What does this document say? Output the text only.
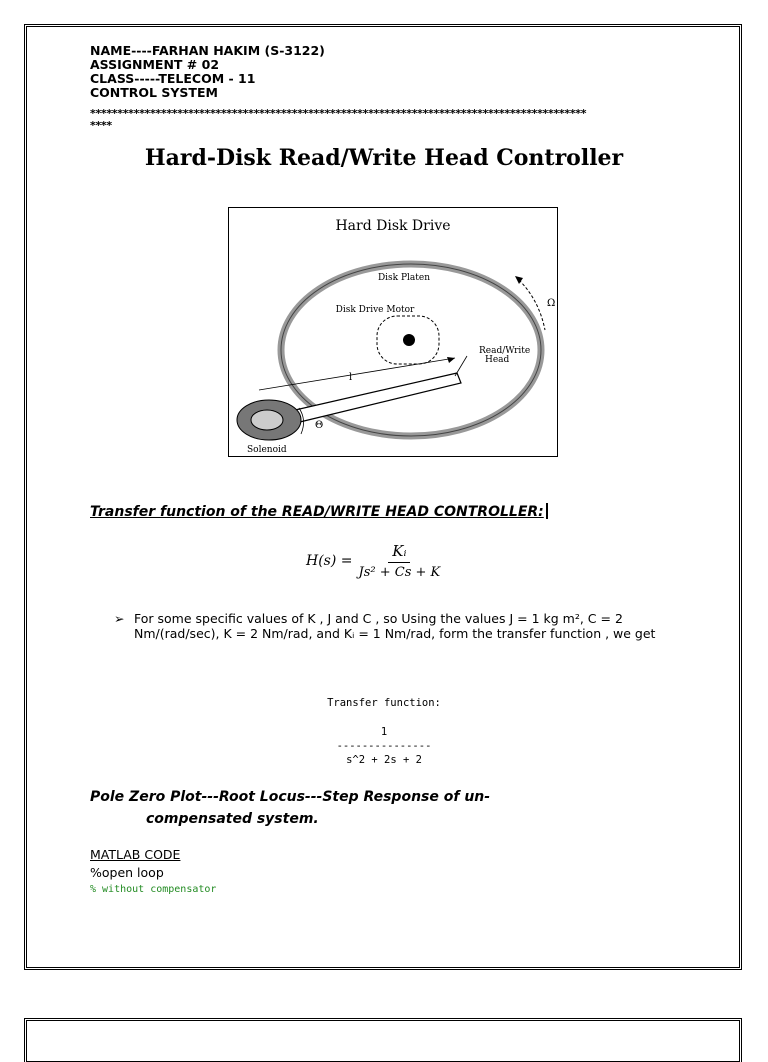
NAME----FARHAN HAKIM (S-3122)
ASSIGNMENT # 02
CLASS-----TELECOM - 11
CONTROL SYSTEM
*******************************************************************************************
****
Hard-Disk Read/Write Head Controller
Hard Disk Drive
Disk Platen
Disk Drive Motor
Ω
Read/Write
Head
l
Θ
Solenoid
Transfer function of the READ/WRITE HEAD CONTROLLER:
$H(s) = \frac{\text{Kᵢ}}{\text{Js² + Cs + K}}$
➢ For some specific values of K , J and C , so Using the values J = 1 kg m², C = 2 Nm/(rad/sec), K = 2 Nm/rad, and Kᵢ = 1 Nm/rad, form the transfer function , we get
Transfer function:
1
---------------
s^2 + 2s + 2
Pole Zero Plot---Root Locus---Step Response of un-
compensated system.
MATLAB CODE
%open loop
% without compensator
